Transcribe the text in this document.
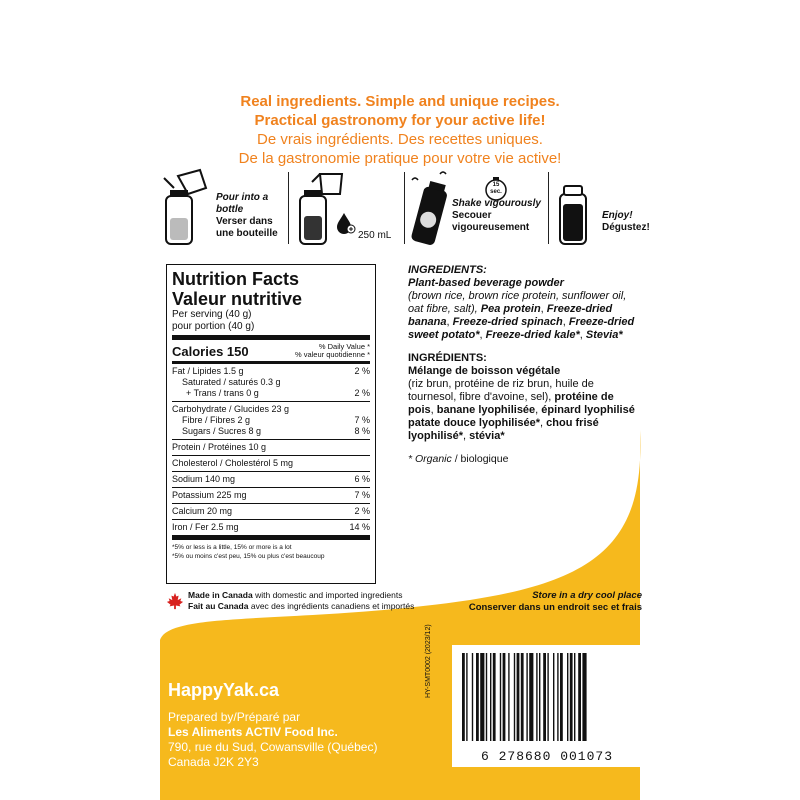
Real ingredients. Simple and unique recipes.
Practical gastronomy for your active life!
De vrais ingrédients. Des recettes uniques.
De la gastronomie pratique pour votre vie active!
Pour into a bottle
Verser dans une bouteille	250 mL
15 sec.
Shake vigourously
Secouer vigoureusement
Enjoy!
Dégustez!
Nutrition Facts
Valeur nutritive
Per serving (40 g)
pour portion (40 g)
Calories 150	% Daily Value *
% valeur quotidienne *
Fat / Lipides 1.5 g	2 %
Saturated / saturés 0.3 g
+ Trans / trans 0 g	2 %
Carbohydrate / Glucides 23 g
Fibre / Fibres 2 g	7 %
Sugars / Sucres 8 g	8 %
Protein / Protéines 10 g
Cholesterol / Cholestérol 5 mg
Sodium 140 mg	6 %
Potassium 225 mg	7 %
Calcium 20 mg	2 %
Iron / Fer 2.5 mg	14 %
*5% or less is a little, 15% or more is a lot
*5% ou moins c'est peu, 15% ou plus c'est beaucoup

INGREDIENTS:
Plant-based beverage powder
(brown rice, brown rice protein, sunflower oil, oat fibre, salt), Pea protein, Freeze-dried banana, Freeze-dried spinach, Freeze-dried sweet potato*, Freeze-dried kale*, Stevia*

INGRÉDIENTS:
Mélange de boisson végétale
(riz brun, protéine de riz brun, huile de tournesol, fibre d'avoine, sel), protéine de pois, banane lyophilisée, épinard lyophilisé patate douce lyophilisée*, chou frisé lyophilisé*, stévia*

* Organic / biologique

Made in Canada with domestic and imported ingredients
Fait au Canada avec des ingrédients canadiens et importés
Store in a dry cool place
Conserver dans un endroit sec et frais
HappyYak.ca
Prepared by/Préparé par
Les Aliments ACTIV Food Inc.
790, rue du Sud, Cowansville (Québec)
Canada J2K 2Y3
HY-SMT0002 (2023/12)
6 278680 001073
